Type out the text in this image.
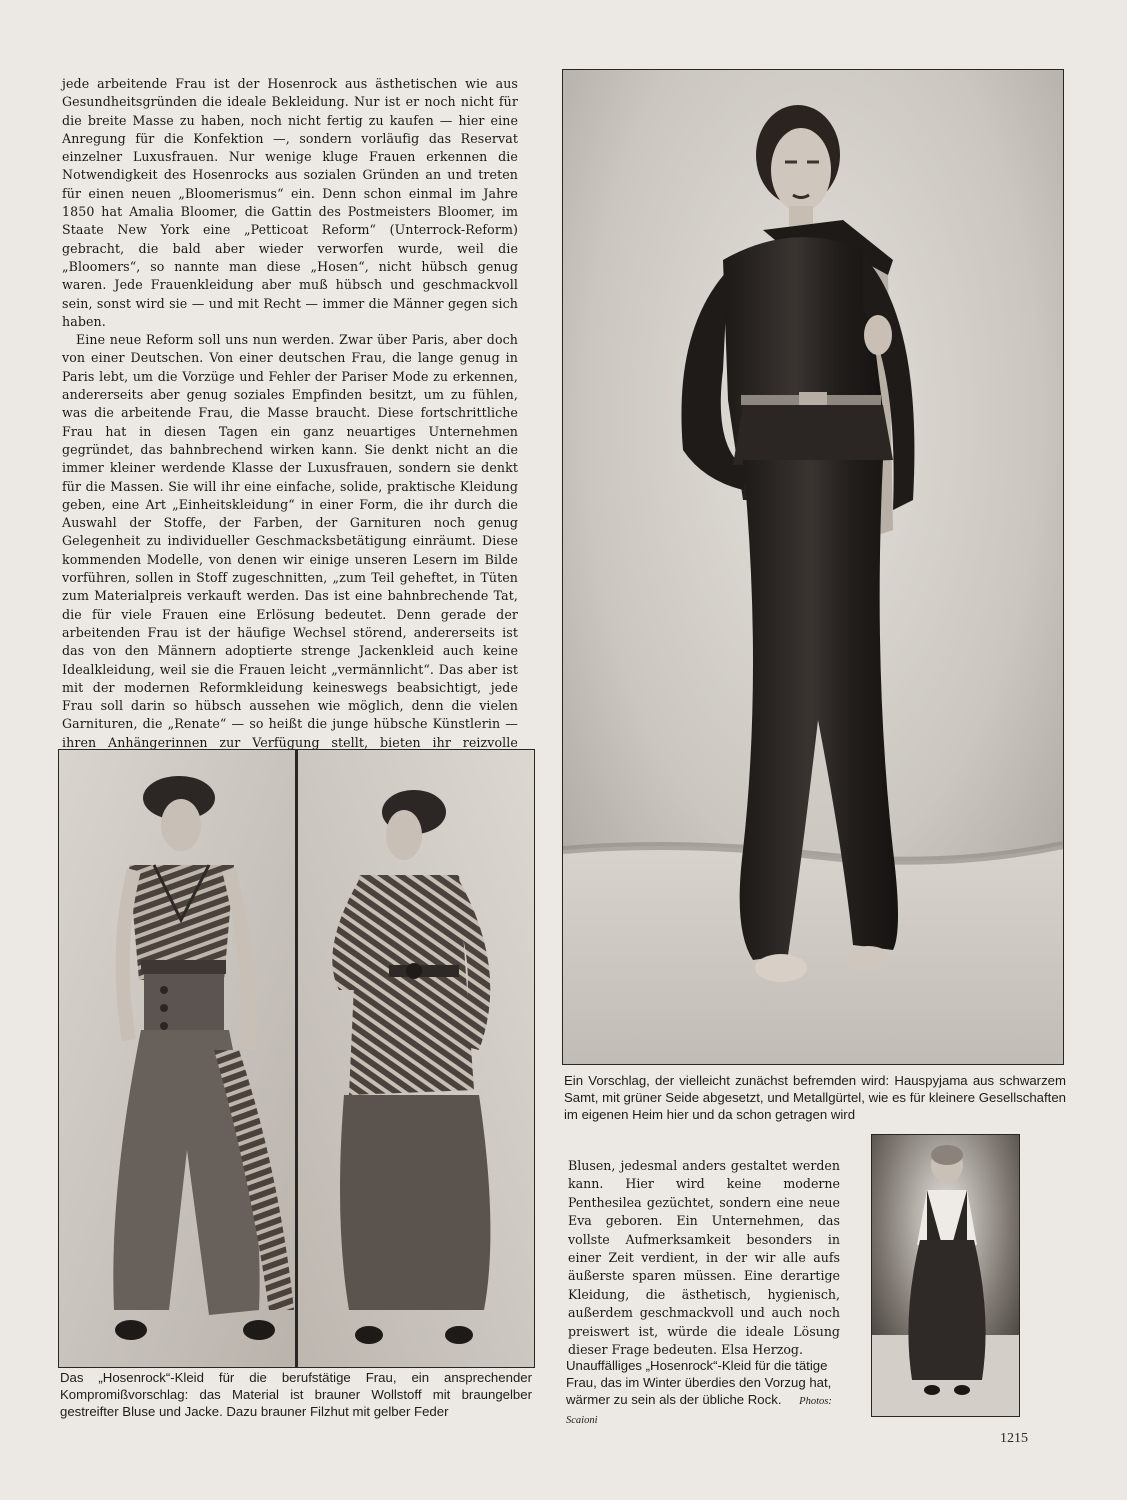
jede arbeitende Frau ist der Hosenrock aus ästhetischen wie aus Gesundheitsgründen die ideale Bekleidung. Nur ist er noch nicht für die breite Masse zu haben, noch nicht fertig zu kaufen — hier eine Anregung für die Konfektion —, sondern vorläufig das Reservat einzelner Luxusfrauen. Nur wenige kluge Frauen erkennen die Notwendigkeit des Hosenrocks aus sozialen Gründen an und treten für einen neuen „Bloomerismus“ ein. Denn schon einmal im Jahre 1850 hat Amalia Bloomer, die Gattin des Postmeisters Bloomer, im Staate New York eine „Petticoat Reform“ (Unterrock-Reform) gebracht, die bald aber wieder verworfen wurde, weil die „Bloomers“, so nannte man diese „Hosen“, nicht hübsch genug waren. Jede Frauenkleidung aber muß hübsch und geschmackvoll sein, sonst wird sie — und mit Recht — immer die Männer gegen sich haben.

Eine neue Reform soll uns nun werden. Zwar über Paris, aber doch von einer Deutschen. Von einer deutschen Frau, die lange genug in Paris lebt, um die Vorzüge und Fehler der Pariser Mode zu erkennen, andererseits aber genug soziales Empfinden besitzt, um zu fühlen, was die arbeitende Frau, die Masse braucht. Diese fortschrittliche Frau hat in diesen Tagen ein ganz neuartiges Unternehmen gegründet, das bahnbrechend wirken kann. Sie denkt nicht an die immer kleiner werdende Klasse der Luxusfrauen, sondern sie denkt für die Massen. Sie will ihr eine einfache, solide, praktische Kleidung geben, eine Art „Einheitskleidung“ in einer Form, die ihr durch die Auswahl der Stoffe, der Farben, der Garnituren noch genug Gelegenheit zu individueller Geschmacksbetätigung einräumt. Diese kommenden Modelle, von denen wir einige unseren Lesern im Bilde vorführen, sollen in Stoff zugeschnitten, „zum Teil geheftet, in Tüten zum Materialpreis verkauft werden. Das ist eine bahnbrechende Tat, die für viele Frauen eine Erlösung bedeutet. Denn gerade der arbeitenden Frau ist der häufige Wechsel störend, andererseits ist das von den Männern adoptierte strenge Jackenkleid auch keine Idealkleidung, weil sie die Frauen leicht „vermännlicht“. Das aber ist mit der modernen Reformkleidung keineswegs beabsichtigt, jede Frau soll darin so hübsch aussehen wie möglich, denn die vielen Garnituren, die „Renate“ — so heißt die junge hübsche Künstlerin — ihren Anhängerinnen zur Verfügung stellt, bieten ihr reizvolle

Ein Vorschlag, der vielleicht zunächst befremden wird: Hauspyjama aus schwarzem Samt, mit grüner Seide abgesetzt, und Metallgürtel, wie es für kleinere Gesellschaften im eigenen Heim hier und da schon getragen wird
Das „Hosenrock“-Kleid für die berufstätige Frau, ein ansprechender Kompromißvorschlag: das Material ist brauner Wollstoff mit braungelber gestreifter Bluse und Jacke. Dazu brauner Filzhut mit gelber Feder
Blusen, jedesmal anders gestaltet werden kann. Hier wird keine moderne Penthesilea gezüchtet, sondern eine neue Eva geboren. Ein Unternehmen, das vollste Aufmerksamkeit besonders in einer Zeit verdient, in der wir alle aufs äußerste sparen müssen. Eine derartige Kleidung, die ästhetisch, hygienisch, außerdem geschmackvoll und auch noch preiswert ist, würde die ideale Lösung dieser Frage bedeuten. Elsa Herzog.
Unauffälliges „Hosenrock“-Kleid für die tätige Frau, das im Winter überdies den Vorzug hat, wärmer zu sein als der übliche Rock. Photos: Scaioni
1215
